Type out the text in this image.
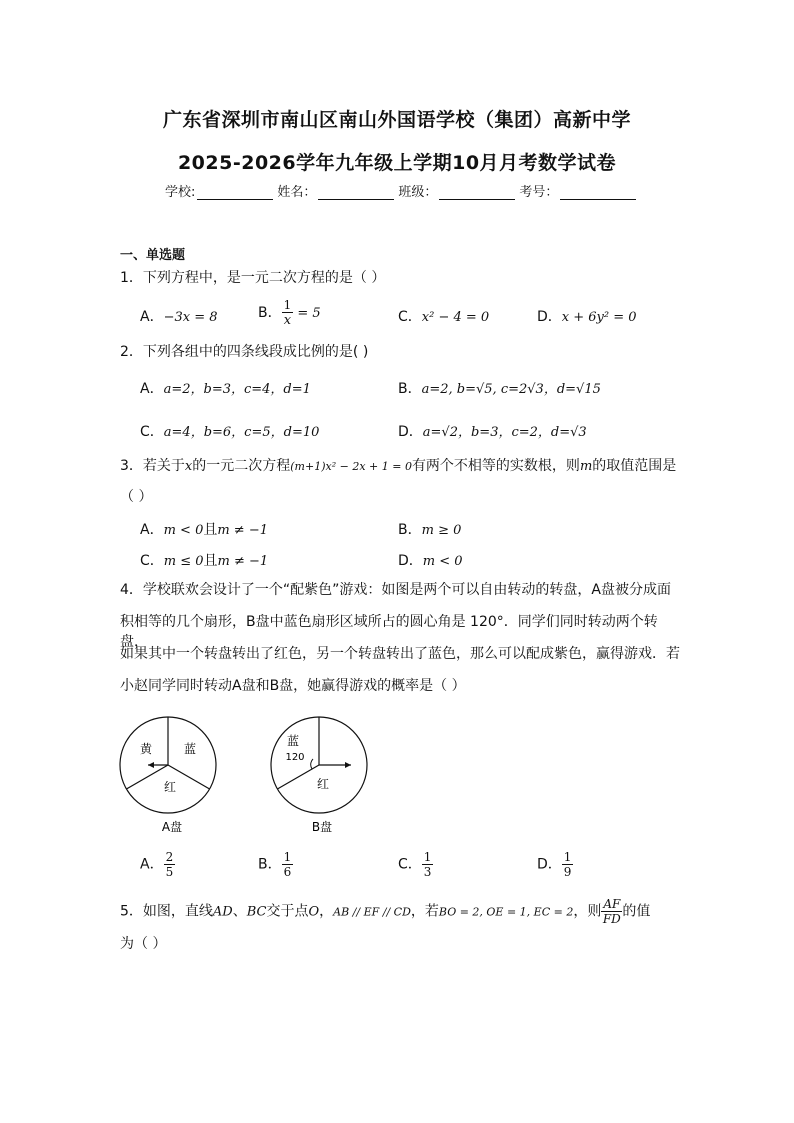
广东省深圳市南山区南山外国语学校（集团）高新中学
2025-2026学年九年级上学期10月月考数学试卷
学校:	姓名：	班级：	考号：
一、单选题
1．下列方程中，是一元二次方程的是（ ）
A．−3x = 8	B． $\frac{1}{x} = 5$	C．x² − 4 = 0	D．x + 6y² = 0
2．下列各组中的四条线段成比例的是( )
A．a=2，b=3，c=4，d=1	B．a=2, b=√5, c=2√3，d=√15
C．a=4，b=6，c=5，d=10	D．a=√2，b=3，c=2，d=√3
3．若关于x的一元二次方程(m+1)x² − 2x + 1 = 0有两个不相等的实数根，则m的取值范围是
（ ）
A．m < 0且m ≠ −1	B．m ≥ 0
C．m ≤ 0且m ≠ −1	D．m < 0
4．学校联欢会设计了一个“配紫色”游戏：如图是两个可以自由转动的转盘，A盘被分成面
积相等的几个扇形，B盘中蓝色扇形区域所占的圆心角是 120°．同学们同时转动两个转盘，
如果其中一个转盘转出了红色，另一个转盘转出了蓝色，那么可以配成紫色，赢得游戏．若
小赵同学同时转动A盘和B盘，她赢得游戏的概率是（ ）
黄	蓝
红
A盘
蓝
120
红
B盘
A． $\frac{2}{5}$	B． $\frac{1}{6}$	C． $\frac{1}{3}$	D． $\frac{1}{9}$
5．如图，直线AD、BC交于点O，AB // EF // CD，若BO = 2, OE = 1, EC = 2，则 $\frac{AF}{FD}$ 的值
为（ ）
